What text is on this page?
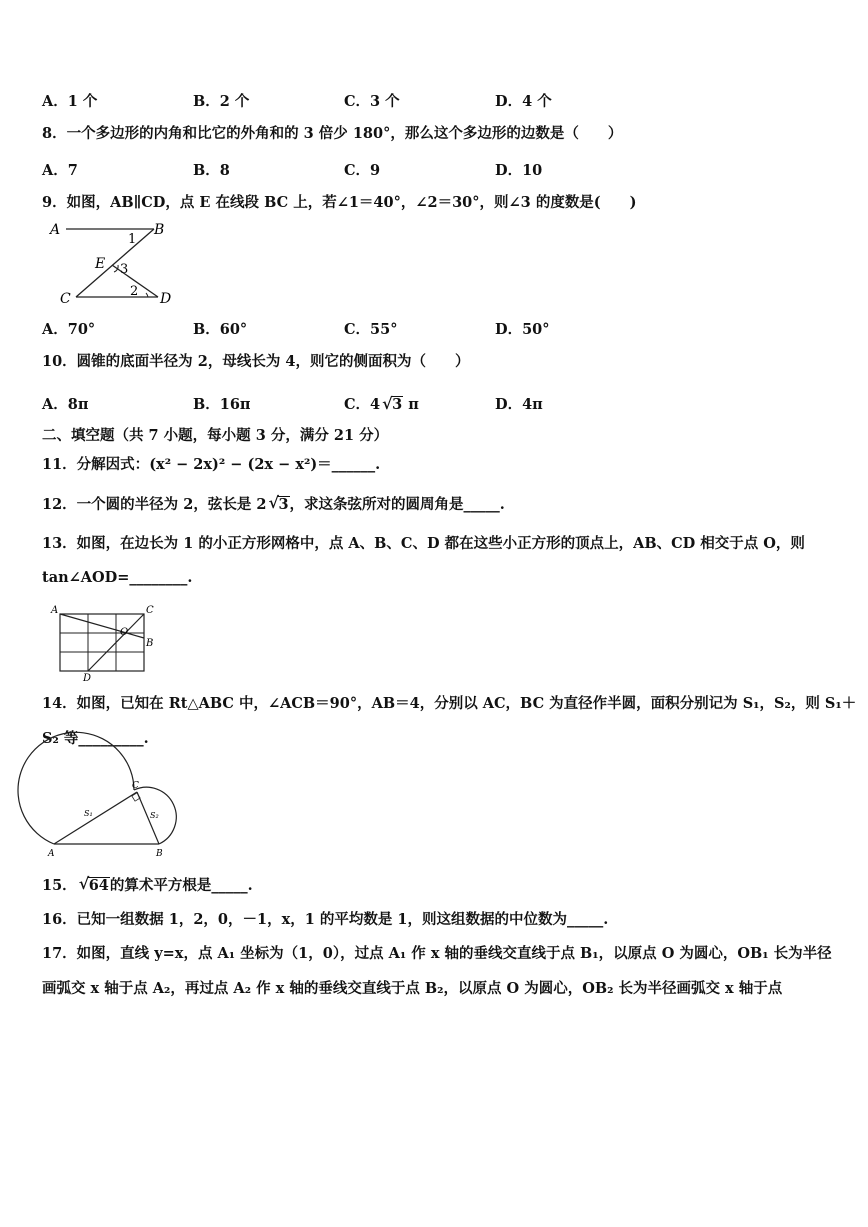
A．1 个	B．2 个	C．3 个	D．4 个
8．一个多边形的内角和比它的外角和的 3 倍少 180°，那么这个多边形的边数是（　　）
A．7	B．8	C．9	D．10
9．如图，AB∥CD，点 E 在线段 BC 上，若∠1＝40°，∠2＝30°，则∠3 的度数是(　　)
A	B
C	D
E
1
3
2
A．70°	B．60°	C．55°	D．50°
10．圆锥的底面半径为 2，母线长为 4，则它的侧面积为（　　）
A．8π	B．16π	C．4 √ 3 π	D．4π
二、填空题（共 7 小题，每小题 3 分，满分 21 分）
11．分解因式：(x² − 2x)² − (2x − x²)＝______.
12．一个圆的半径为 2，弦长是 2 √ 3，求这条弦所对的圆周角是_____.
13．如图，在边长为 1 的小正方形网格中，点 A、B、C、D 都在这些小正方形的顶点上，AB、CD 相交于点 O，则
tan∠AOD=________.
A	C
B
D
O
14．如图，已知在 Rt△ABC 中，∠ACB＝90°，AB＝4，分别以 AC，BC 为直径作半圆，面积分别记为 S₁，S₂，则 S₁＋
S₂ 等_________.
A	B
C
S₁	S₂
15． √ 64的算术平方根是_____.
16．已知一组数据 1，2，0，－1，x，1 的平均数是 1，则这组数据的中位数为_____.
17．如图，直线 y=x，点 A₁ 坐标为（1，0），过点 A₁ 作 x 轴的垂线交直线于点 B₁，以原点 O 为圆心，OB₁ 长为半径
画弧交 x 轴于点 A₂，再过点 A₂ 作 x 轴的垂线交直线于点 B₂，以原点 O 为圆心，OB₂ 长为半径画弧交 x 轴于点
